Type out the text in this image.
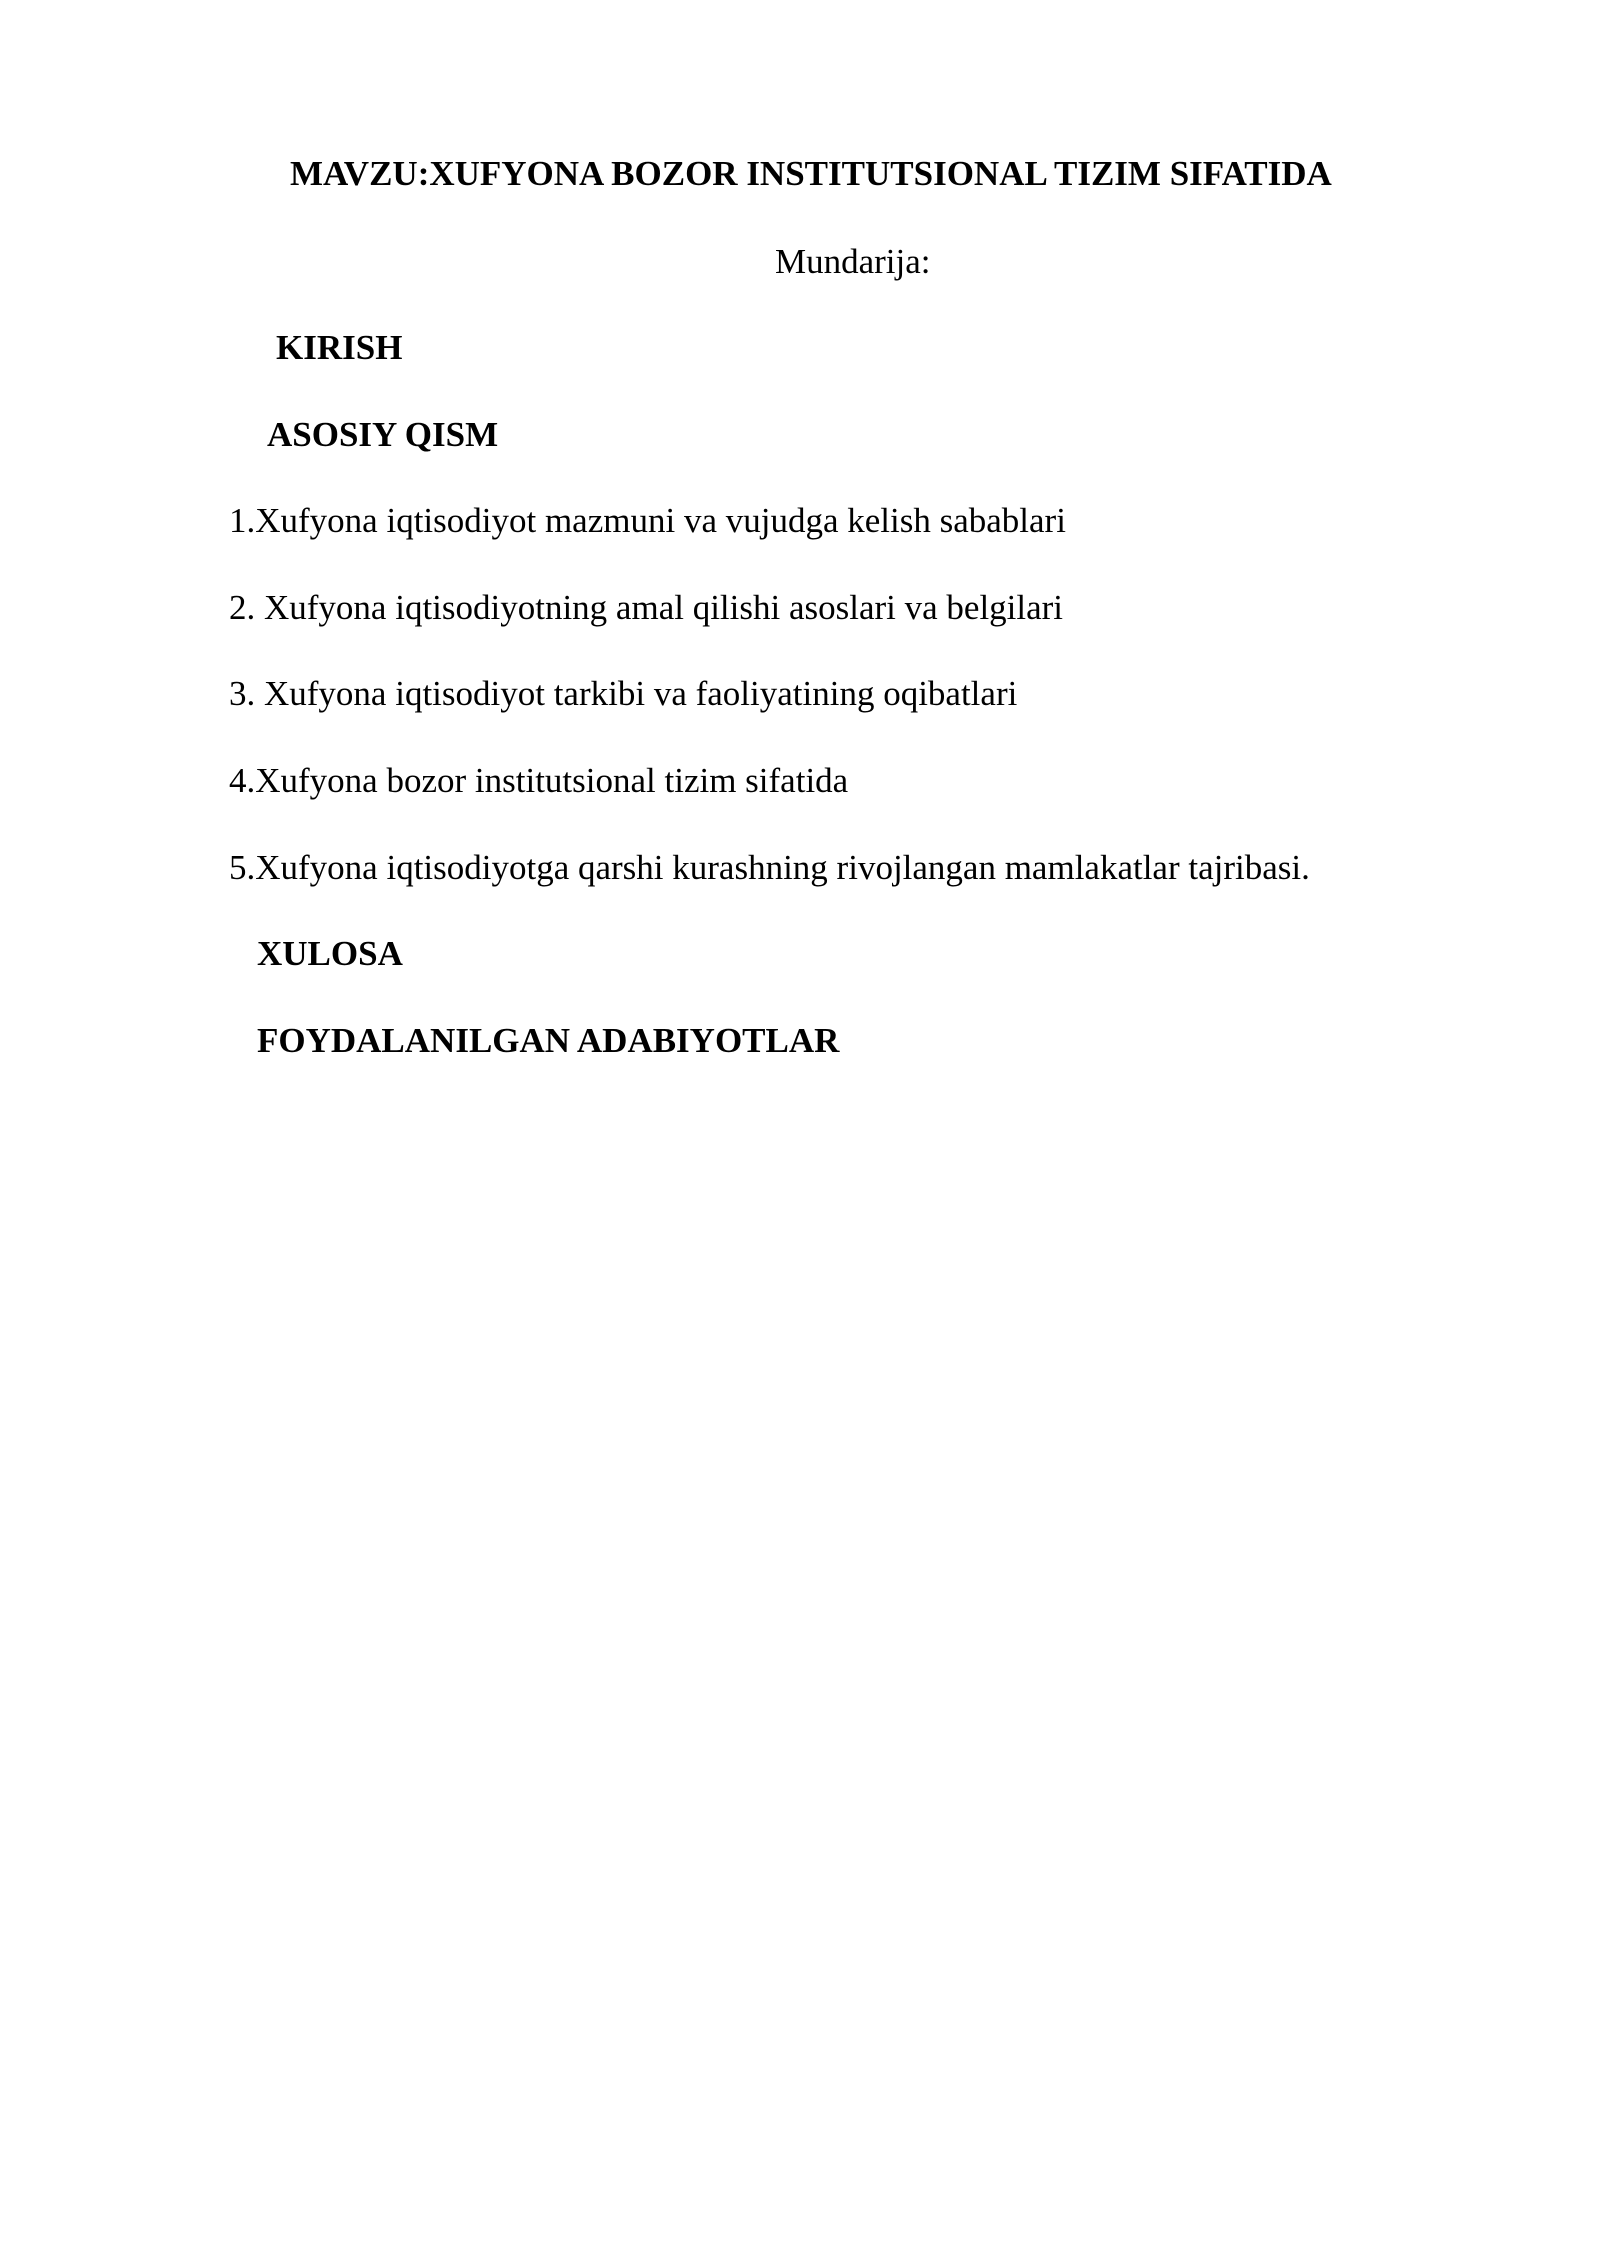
MAVZU:XUFYONA BOZOR INSTITUTSIONAL TIZIM SIFATIDA
Mundarija:
KIRISH
ASOSIY QISM
1.Xufyona iqtisodiyot mazmuni va vujudga kelish sabablari
2. Xufyona iqtisodiyotning amal qilishi asoslari va belgilari
3. Xufyona iqtisodiyot tarkibi va faoliyatining oqibatlari
4.Xufyona bozor institutsional tizim sifatida
5.Xufyona iqtisodiyotga qarshi kurashning rivojlangan mamlakatlar tajribasi.
XULOSA
FOYDALANILGAN ADABIYOTLAR
